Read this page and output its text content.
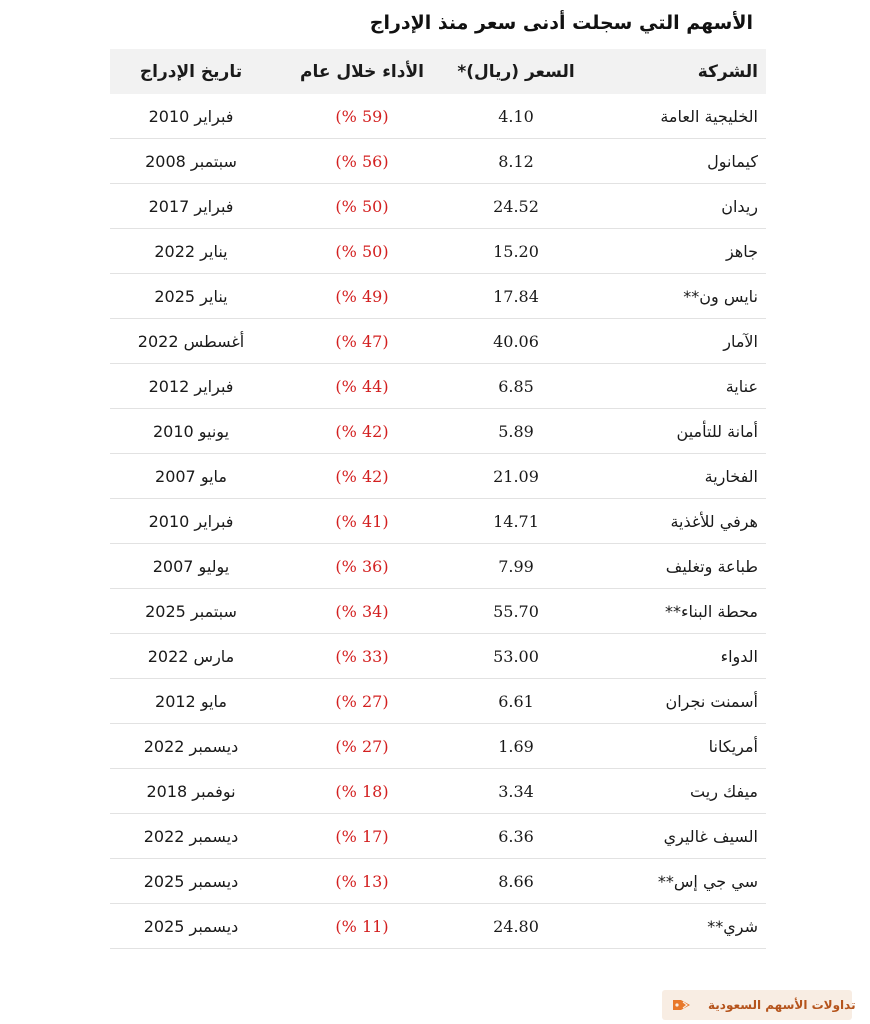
الأسهم التي سجلت أدنى سعر منذ الإدراج
الشركة	السعر (ريال)*	الأداء خلال عام	تاريخ الإدراج
الخليجية العامة	4.10	(59 %)	فبراير 2010
كيمانول	8.12	(56 %)	سبتمبر 2008
ريدان	24.52	(50 %)	فبراير 2017
جاهز	15.20	(50 %)	يناير 2022
نايس ون**	17.84	(49 %)	يناير 2025
الآمار	40.06	(47 %)	أغسطس 2022
عناية	6.85	(44 %)	فبراير 2012
أمانة للتأمين	5.89	(42 %)	يونيو 2010
الفخارية	21.09	(42 %)	مايو 2007
هرفي للأغذية	14.71	(41 %)	فبراير 2010
طباعة وتغليف	7.99	(36 %)	يوليو 2007
محطة البناء**	55.70	(34 %)	سبتمبر 2025
الدواء	53.00	(33 %)	مارس 2022
أسمنت نجران	6.61	(27 %)	مايو 2012
أمريكانا	1.69	(27 %)	ديسمبر 2022
ميفك ريت	3.34	(18 %)	نوفمبر 2018
السيف غاليري	6.36	(17 %)	ديسمبر 2022
سي جي إس**	8.66	(13 %)	ديسمبر 2025
شري**	24.80	(11 %)	ديسمبر 2025
تداولات الأسهم السعودية
